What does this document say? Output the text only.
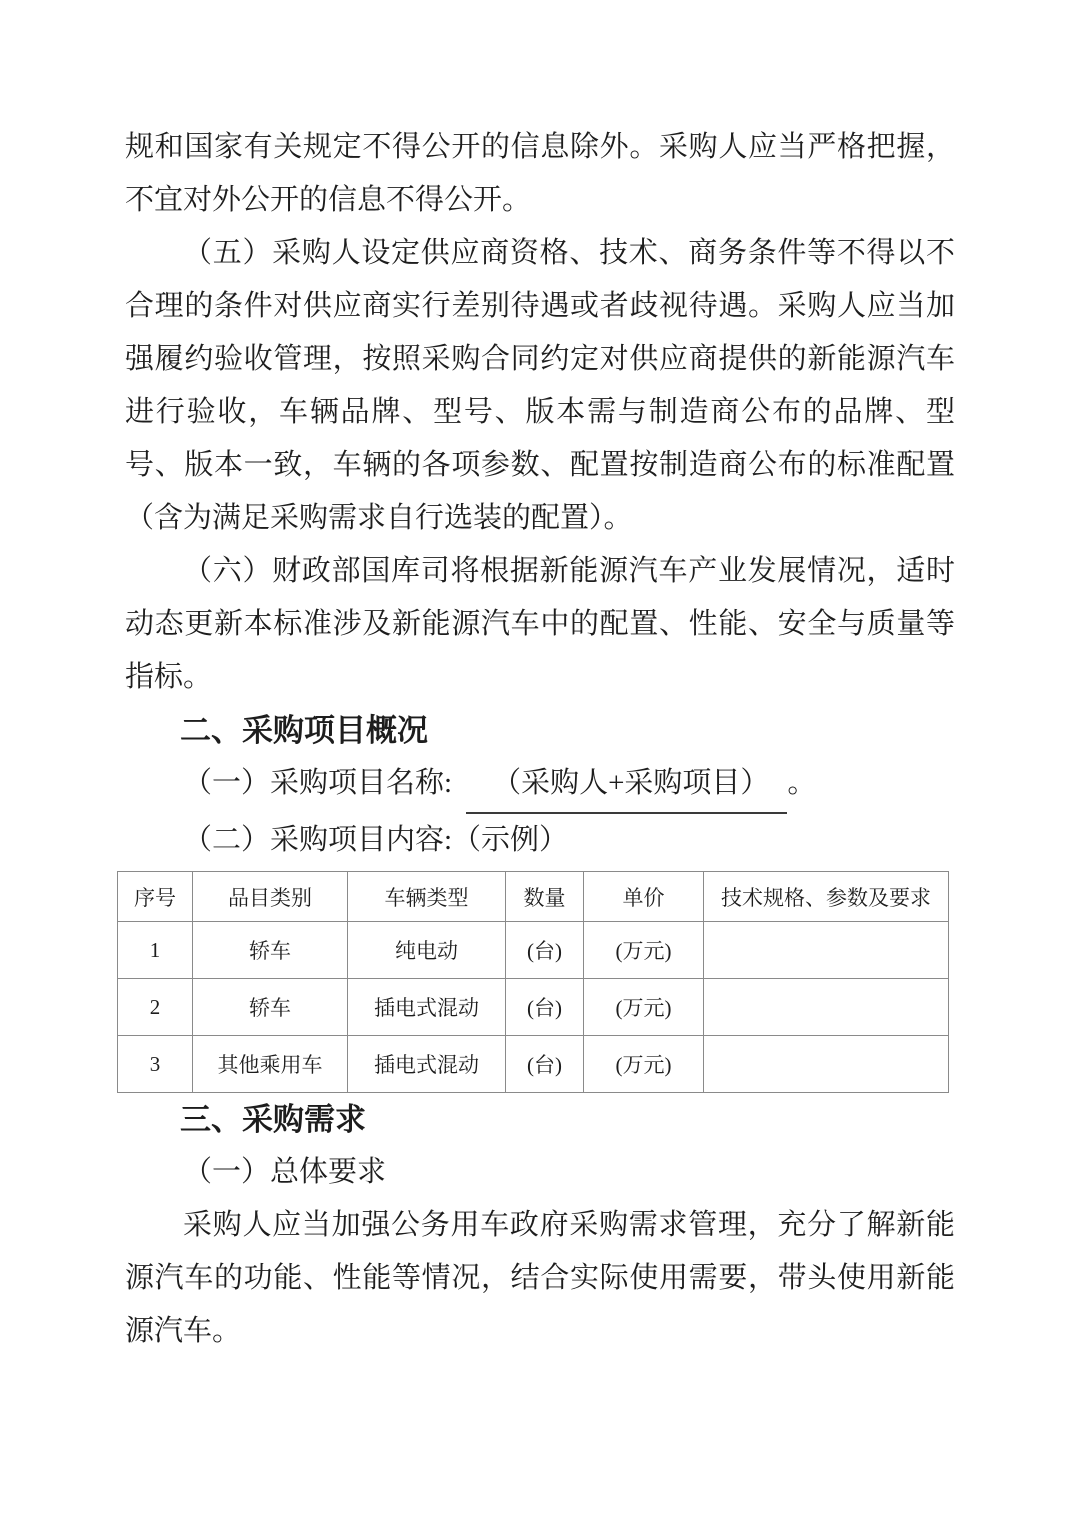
规和国家有关规定不得公开的信息除外。采购人应当严格把握，不宜对外公开的信息不得公开。

（五）采购人设定供应商资格、技术、商务条件等不得以不合理的条件对供应商实行差别待遇或者歧视待遇。采购人应当加强履约验收管理，按照采购合同约定对供应商提供的新能源汽车进行验收，车辆品牌、型号、版本需与制造商公布的品牌、型号、版本一致，车辆的各项参数、配置按制造商公布的标准配置（含为满足采购需求自行选装的配置）。

（六）财政部国库司将根据新能源汽车产业发展情况，适时动态更新本标准涉及新能源汽车中的配置、性能、安全与质量等指标。

二、采购项目概况

（一）采购项目名称: （采购人+采购项目） 。

（二）采购项目内容:（示例）

序号	品目类别	车辆类型	数量	单价	技术规格、参数及要求
1	轿车	纯电动	(台)	(万元)	
2	轿车	插电式混动	(台)	(万元)	
3	其他乘用车	插电式混动	(台)	(万元)	

三、采购需求

（一）总体要求

采购人应当加强公务用车政府采购需求管理，充分了解新能源汽车的功能、性能等情况，结合实际使用需要，带头使用新能源汽车。
